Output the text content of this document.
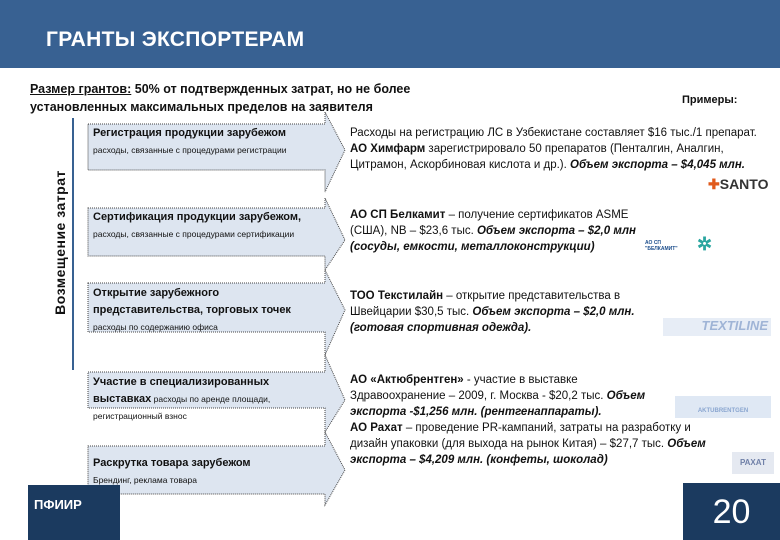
ГРАНТЫ ЭКСПОРТЕРАМ
Размер грантов: 50% от подтвержденных затрат, но не более установленных максимальных пределов на заявителя	Примеры:
Возмещение затрат
Регистрация продукции зарубежом расходы, связанные с процедурами регистрации
Сертификация продукции зарубежом, расходы, связанные с процедурами сертификации
Открытие зарубежного представительства, торговых точек расходы по содержанию офиса
Участие в специализированных выставках расходы по аренде площади, регистрационный взнос
Раскрутка товара зарубежом
Брендинг, реклама товара
Расходы на регистрацию ЛС в Узбекистане составляет $16 тыс./1 препарат. АО Химфарм зарегистрировало 50 препаратов (Пенталгин, Аналгин, Цитрамон, Аскорбиновая кислота и др.). Объем экспорта – $4,045 млн.
АО СП Белкамит – получение сертификатов ASME (США), NB – $23,6 тыс. Объем экспорта – $2,0 млн (сосуды, емкости, металлоконструкции)
ТОО Текстилайн – открытие представительства в Швейцарии $30,5 тыс. Объем экспорта – $2,0 млн. (готовая спортивная одежда).
АО «Актюбрентген» - участие в выставке Здравоохранение – 2009, г. Москва - $20,2 тыс. Объем экспорта -$1,256 млн. (рентгенаппараты).
АО Рахат – проведение PR-кампаний, затраты на разработку и дизайн упаковки (для выхода на рынок Китая) – $27,7 тыс. Объем экспорта – $4,209 млн. (конфеты, шоколад)
✚SANTO
АО СП "БЕЛКАМИТ"	✲
TEXTILINE
AKTUBRENTGEN
РАХАТ
ПФИИР	20
